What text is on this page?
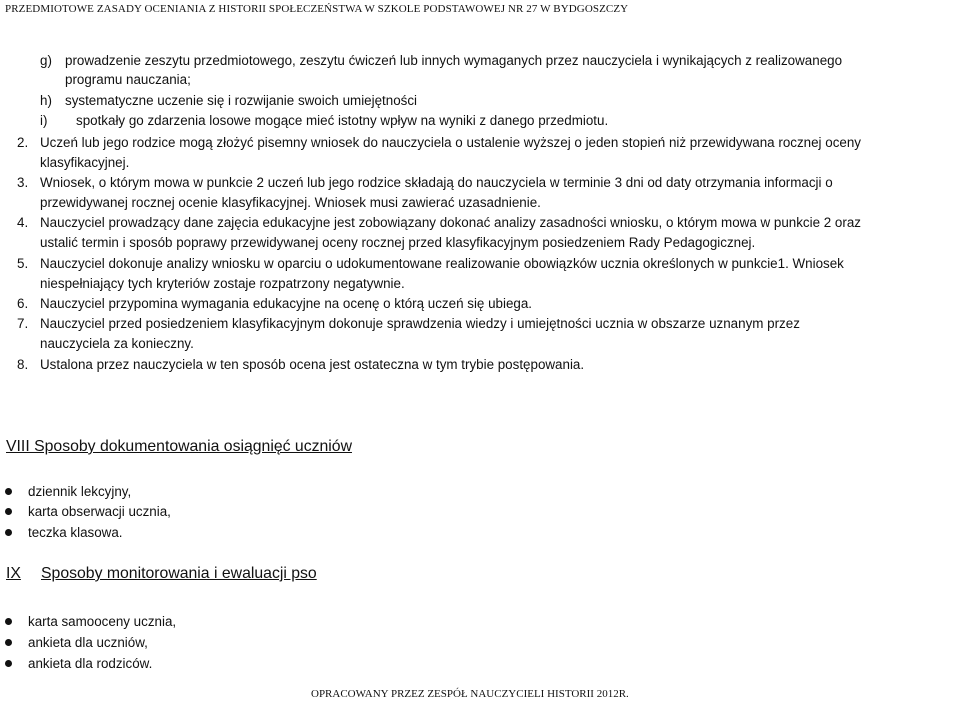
PRZEDMIOTOWE ZASADY OCENIANIA Z HISTORII SPOŁECZEŃSTWA W SZKOLE PODSTAWOWEJ NR 27 W BYDGOSZCZY
g) prowadzenie zeszytu przedmiotowego, zeszytu ćwiczeń lub innych wymaganych przez nauczyciela i wynikających z realizowanego
programu nauczania;
h) systematyczne uczenie się i rozwijanie swoich umiejętności
i) spotkały go zdarzenia losowe mogące mieć istotny wpływ na wyniki z danego przedmiotu.
2. Uczeń lub jego rodzice mogą złożyć pisemny wniosek do nauczyciela o ustalenie wyższej o jeden stopień niż przewidywana rocznej oceny
klasyfikacyjnej.
3. Wniosek, o którym mowa w punkcie 2 uczeń lub jego rodzice składają do nauczyciela w terminie 3 dni od daty otrzymania informacji o
przewidywanej rocznej ocenie klasyfikacyjnej. Wniosek musi zawierać uzasadnienie.
4. Nauczyciel prowadzący dane zajęcia edukacyjne jest zobowiązany dokonać analizy zasadności wniosku, o którym mowa w punkcie 2 oraz
ustalić termin i sposób poprawy przewidywanej oceny rocznej przed klasyfikacyjnym posiedzeniem Rady Pedagogicznej.
5. Nauczyciel dokonuje analizy wniosku w oparciu o udokumentowane realizowanie obowiązków ucznia określonych w punkcie1. Wniosek
niespełniający tych kryteriów zostaje rozpatrzony negatywnie.
6. Nauczyciel przypomina wymagania edukacyjne na ocenę o którą uczeń się ubiega.
7. Nauczyciel przed posiedzeniem klasyfikacyjnym dokonuje sprawdzenia wiedzy i umiejętności ucznia w obszarze uznanym przez
nauczyciela za konieczny.
8. Ustalona przez nauczyciela w ten sposób ocena jest ostateczna w tym trybie postępowania.
VIII Sposoby dokumentowania osiągnięć uczniów
dziennik lekcyjny,
karta obserwacji ucznia,
teczka klasowa.
IX Sposoby monitorowania i ewaluacji pso
karta samooceny ucznia,
ankieta dla uczniów,
ankieta dla rodziców.
OPRACOWANY PRZEZ ZESPÓŁ NAUCZYCIELI HISTORII 2012R.
